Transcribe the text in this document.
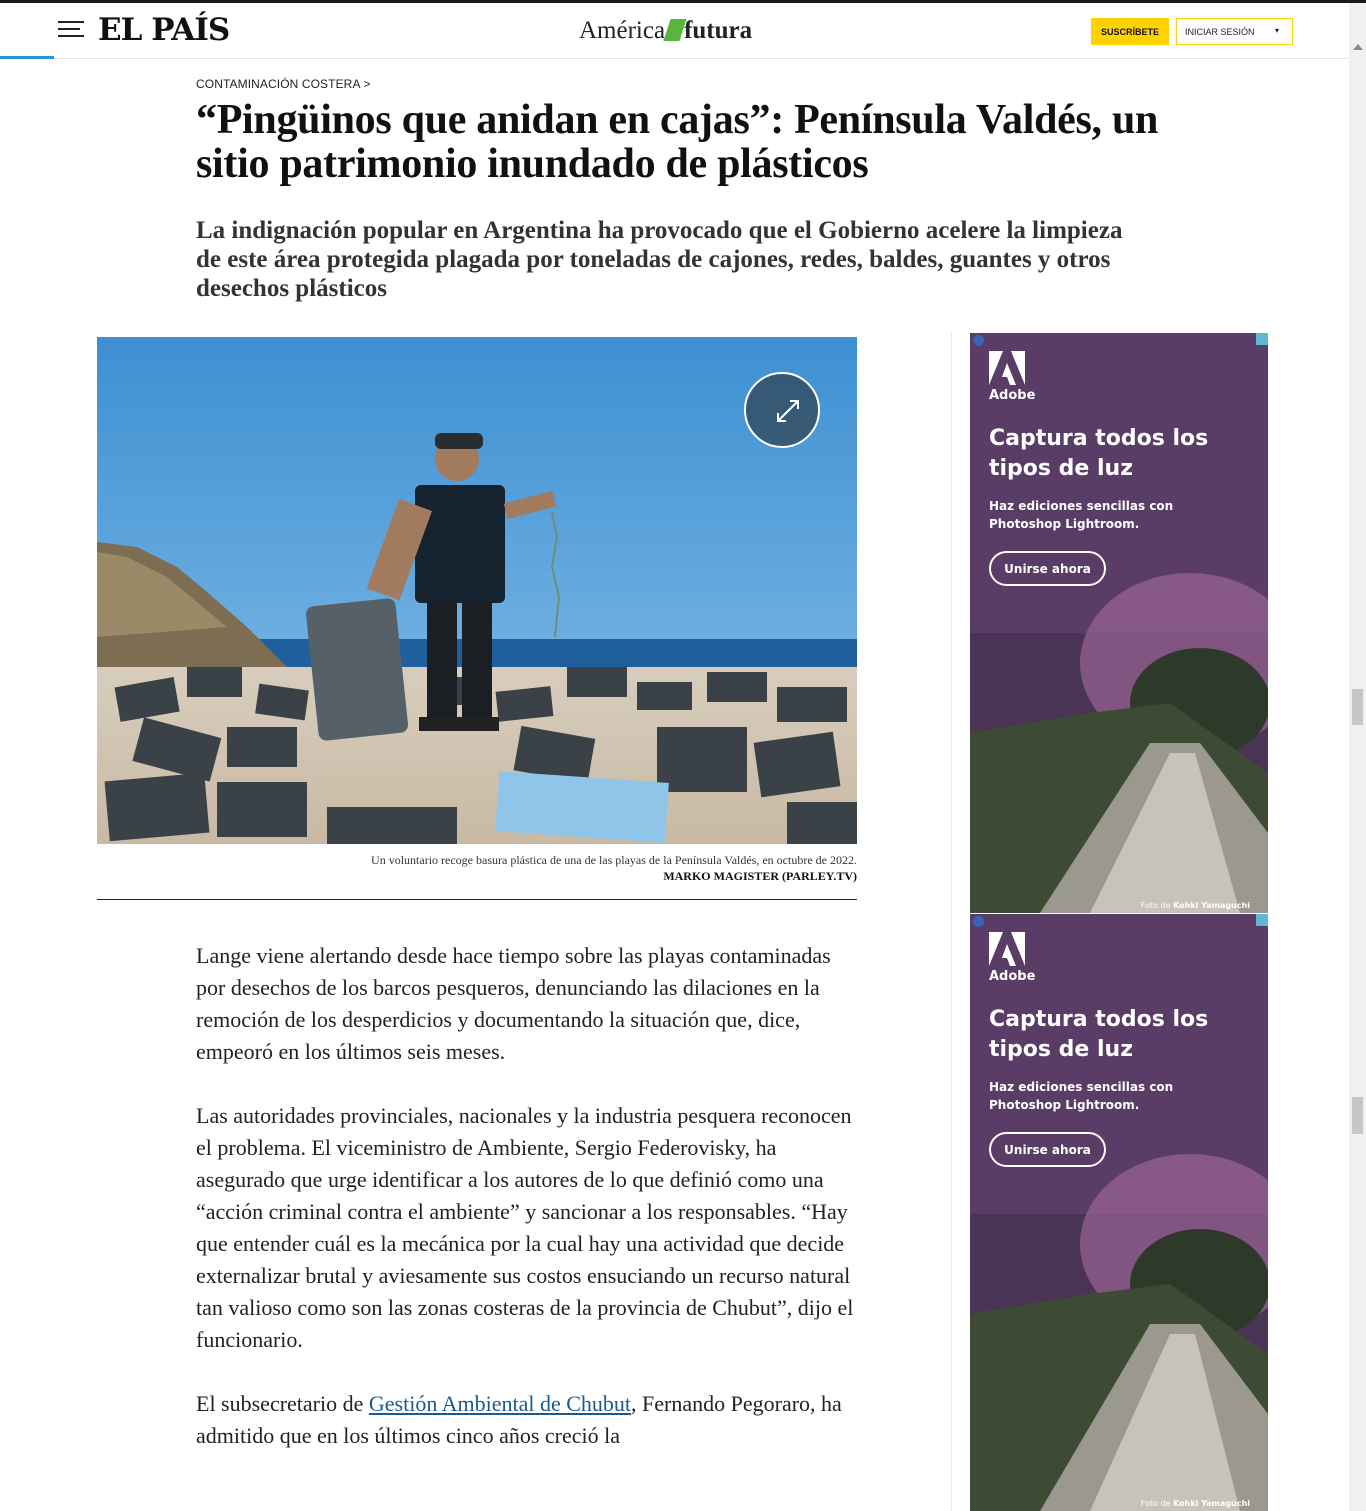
EL PAÍS	América futura	SUSCRÍBETE	INICIAR SESIÓN	▾
CONTAMINACIÓN COSTERA >
“Pingüinos que anidan en cajas”: Península Valdés, un sitio patrimonio inundado de plásticos
La indignación popular en Argentina ha provocado que el Gobierno acelere la limpieza de este área protegida plagada por toneladas de cajones, redes, baldes, guantes y otros desechos plásticos
Un voluntario recoge basura plástica de una de las playas de la Península Valdés, en octubre de 2022.
MARKO MAGISTER (PARLEY.TV)

Lange viene alertando desde hace tiempo sobre las playas contaminadas por desechos de los barcos pesqueros, denunciando las dilaciones en la remoción de los desperdicios y documentando la situación que, dice, empeoró en los últimos seis meses.

Las autoridades provinciales, nacionales y la industria pesquera reconocen el problema. El viceministro de Ambiente, Sergio Federovisky, ha asegurado que urge identificar a los autores de lo que definió como una “acción criminal contra el ambiente” y sancionar a los responsables. “Hay que entender cuál es la mecánica por la cual hay una actividad que decide externalizar brutal y aviesamente sus costos ensuciando un recurso natural tan valioso como son las zonas costeras de la provincia de Chubut”, dijo el funcionario.

El subsecretario de Gestión Ambiental de Chubut, Fernando Pegoraro, ha admitido que en los últimos cinco años creció la

Adobe
Captura todos los tipos de luz
Haz ediciones sencillas con Photoshop Lightroom.
Unirse ahora
Foto de Kohki Yamaguchi
Adobe
Captura todos los tipos de luz
Haz ediciones sencillas con Photoshop Lightroom.
Unirse ahora
Foto de Kohki Yamaguchi
